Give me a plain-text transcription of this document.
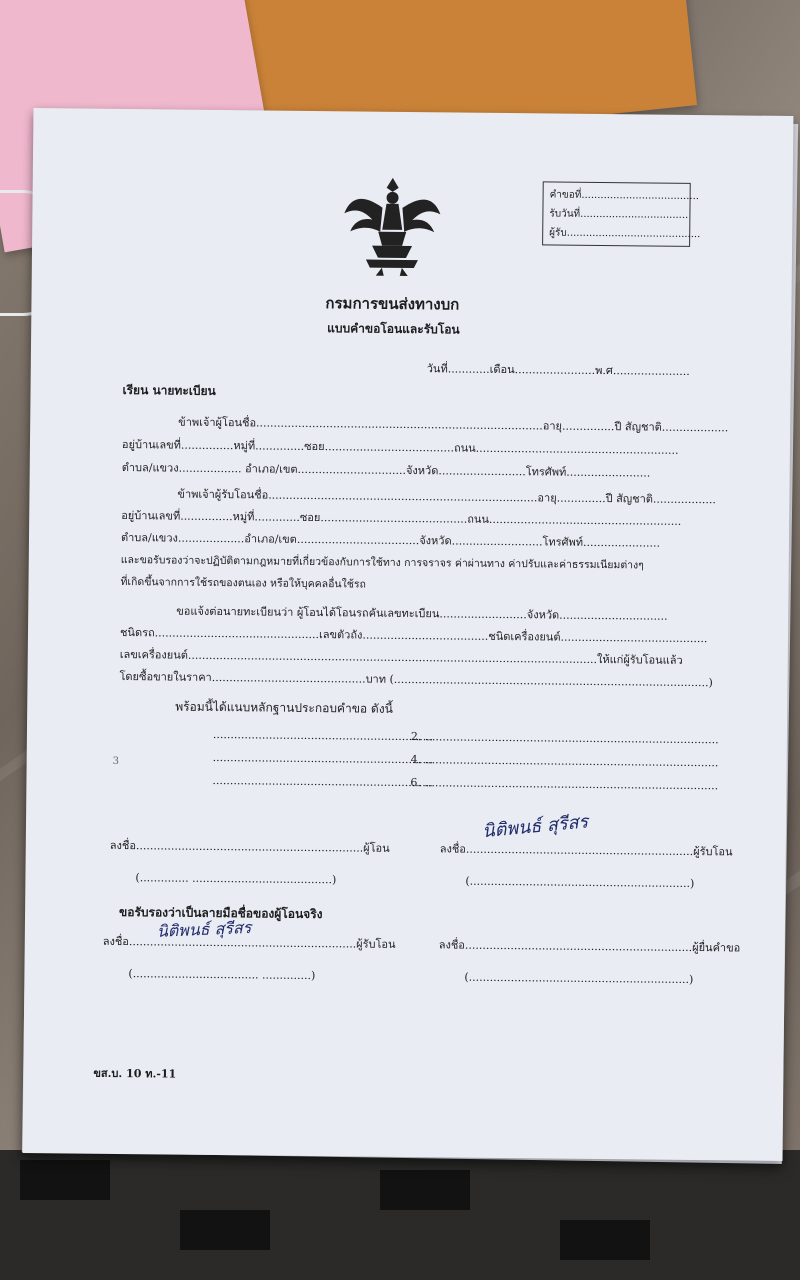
คำขอที่.....................................
รับวันที่..................................
ผู้รับ..........................................
กรมการขนส่งทางบก
แบบคำขอโอนและรับโอน
วันที่............เดือน.......................พ.ศ......................
เรียน นายทะเบียน
ข้าพเจ้าผู้โอนชื่อ..................................................................................อายุ...............ปี สัญชาติ...................
อยู่บ้านเลขที่...............หมู่ที่..............ซอย.....................................ถนน..........................................................
ตำบล/แขวง.................. อำเภอ/เขต...............................จังหวัด.........................โทรศัพท์........................
ข้าพเจ้าผู้รับโอนชื่อ.............................................................................อายุ..............ปี สัญชาติ..................
อยู่บ้านเลขที่...............หมู่ที่.............ซอย..........................................ถนน.......................................................
ตำบล/แขวง...................อำเภอ/เขต...................................จังหวัด..........................โทรศัพท์......................
และขอรับรองว่าจะปฏิบัติตามกฎหมายที่เกี่ยวข้องกับการใช้ทาง การจราจร ค่าผ่านทาง ค่าปรับและค่าธรรมเนียมต่างๆ
ที่เกิดขึ้นจากการใช้รถของตนเอง หรือให้บุคคลอื่นใช้รถ
ขอแจ้งต่อนายทะเบียนว่า ผู้โอนได้โอนรถคันเลขทะเบียน.........................จังหวัด...............................
ชนิดรถ...............................................เลขตัวถัง....................................ชนิดเครื่องยนต์..........................................
เลขเครื่องยนต์.....................................................................................................................ให้แก่ผู้รับโอนแล้ว
โดยซื้อขายในราคา............................................บาท (..........................................................................................)
พร้อมนี้ได้แนบหลักฐานประกอบคำขอ ดังนี้
3
...............................................................
2. ....................................................................................
...............................................................
4. ....................................................................................
...............................................................
6. ....................................................................................
ลงชื่อ.................................................................ผู้โอน
(.............. ........................................)
ลงชื่อ.................................................................ผู้รับโอน
(...............................................................)
นิติพนธ์ สุรีสร
ขอรับรองว่าเป็นลายมือชื่อของผู้โอนจริง
ลงชื่อ.................................................................ผู้รับโอน
นิติพนธ์ สุรีสร
(.................................... ..............)
ลงชื่อ.................................................................ผู้ยื่นคำขอ
(...............................................................)
ขส.บ. 10 ท.-11
